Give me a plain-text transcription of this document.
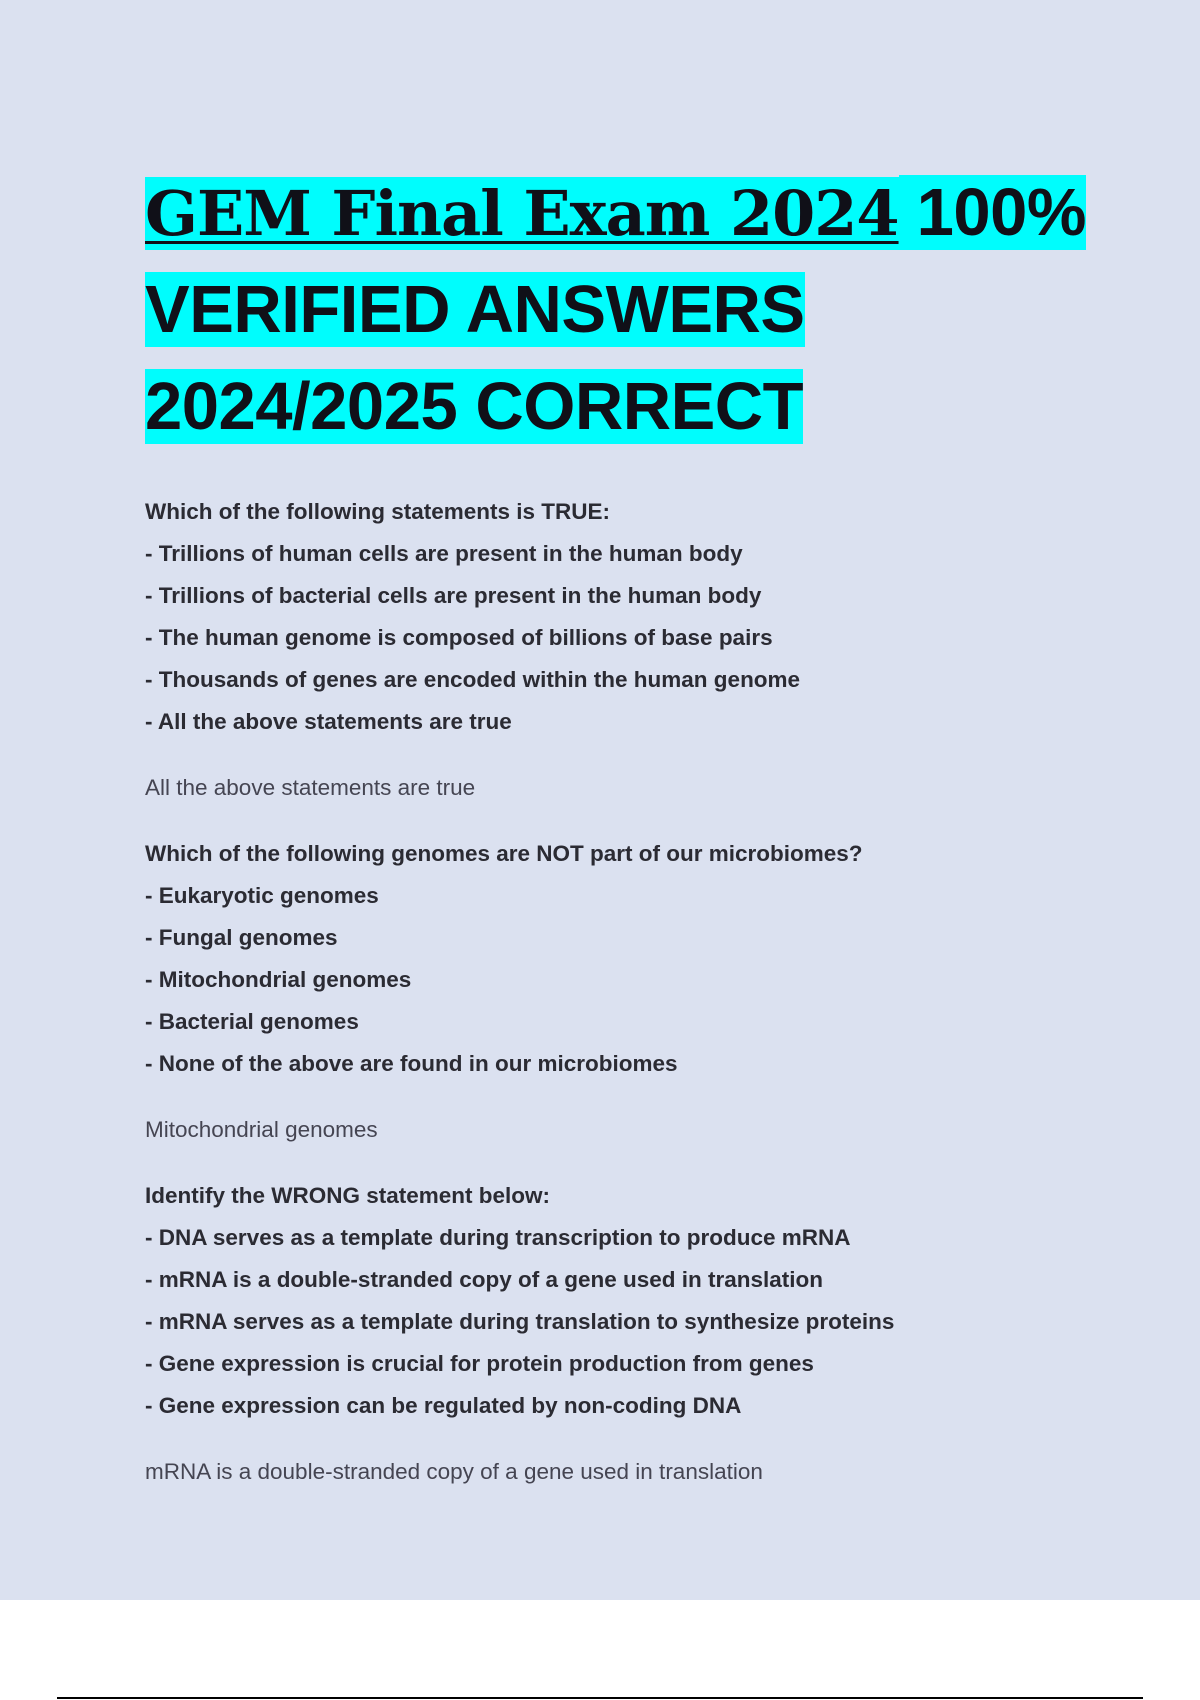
GEM Final Exam 2024 100% VERIFIED ANSWERS 2024/2025 CORRECT

Which of the following statements is TRUE:

- Trillions of human cells are present in the human body

- Trillions of bacterial cells are present in the human body

- The human genome is composed of billions of base pairs

- Thousands of genes are encoded within the human genome

- All the above statements are true

All the above statements are true

Which of the following genomes are NOT part of our microbiomes?

- Eukaryotic genomes

- Fungal genomes

- Mitochondrial genomes

- Bacterial genomes

- None of the above are found in our microbiomes

Mitochondrial genomes

Identify the WRONG statement below:

- DNA serves as a template during transcription to produce mRNA

- mRNA is a double-stranded copy of a gene used in translation

- mRNA serves as a template during translation to synthesize proteins

- Gene expression is crucial for protein production from genes

- Gene expression can be regulated by non-coding DNA

mRNA is a double-stranded copy of a gene used in translation
